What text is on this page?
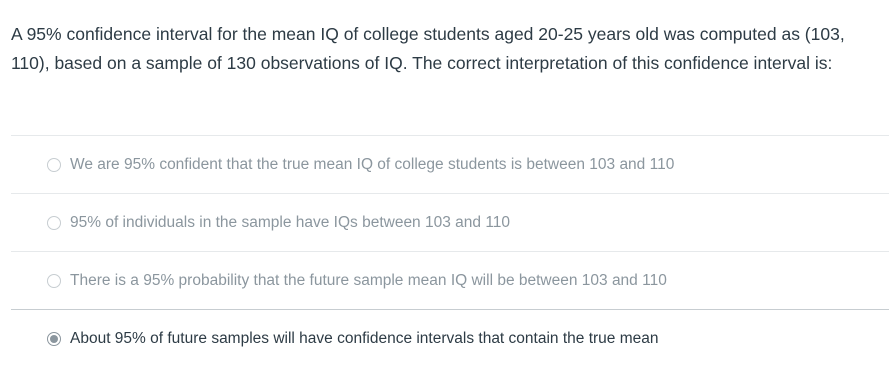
A 95% confidence interval for the mean IQ of college students aged 20-25 years old was computed as (103, 110), based on a sample of 130 observations of IQ. The correct interpretation of this confidence interval is:

We are 95% confident that the true mean IQ of college students is between 103 and 110
95% of individuals in the sample have IQs between 103 and 110
There is a 95% probability that the future sample mean IQ will be between 103 and 110
About 95% of future samples will have confidence intervals that contain the true mean
